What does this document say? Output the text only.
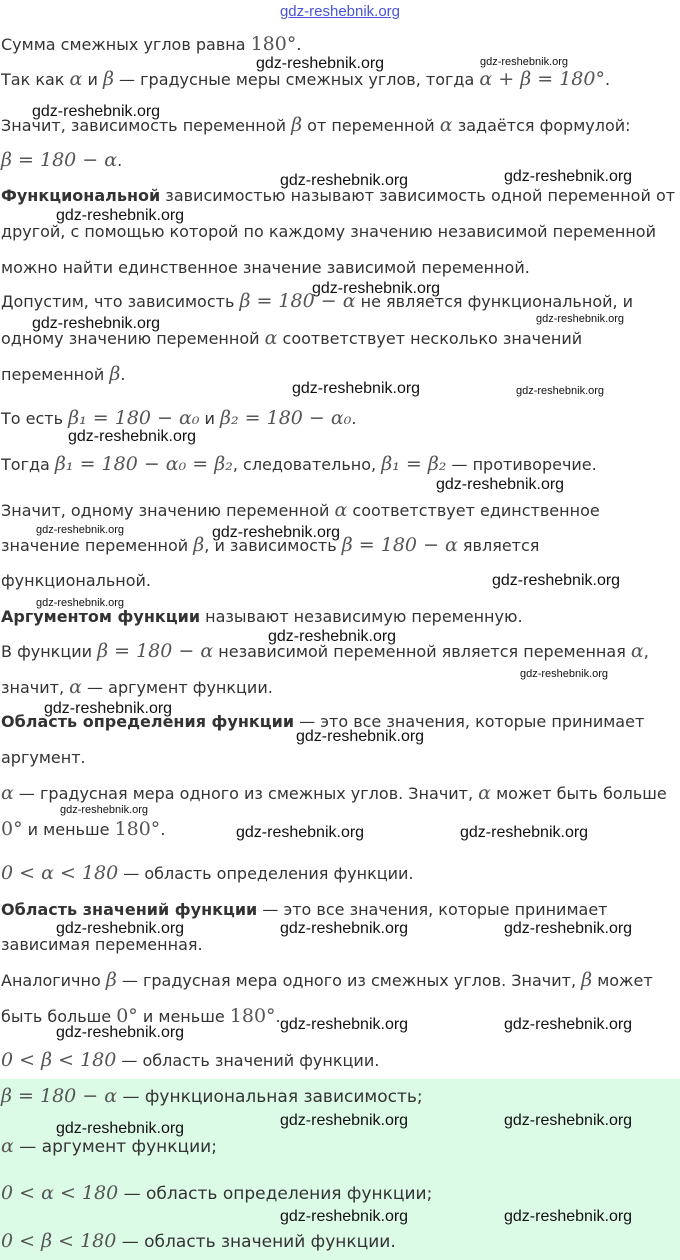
gdz-reshebnik.org
Сумма смежных углов равна 180°.
Так как α и β — градусные меры смежных углов, тогда α + β = 180°.
Значит, зависимость переменной β от переменной α задаётся формулой:
β = 180 − α.
Функциональной зависимостью называют зависимость одной переменной от
другой, с помощью которой по каждому значению независимой переменной
можно найти единственное значение зависимой переменной.
Допустим, что зависимость β = 180 − α не является функциональной, и
одному значению переменной α соответствует несколько значений
переменной β.
То есть β₁ = 180 − α₀ и β₂ = 180 − α₀.
Тогда β₁ = 180 − α₀ = β₂, следовательно, β₁ = β₂ — противоречие.
Значит, одному значению переменной α соответствует единственное
значение переменной β, и зависимость β = 180 − α является
функциональной.
Аргументом функции называют независимую переменную.
В функции β = 180 − α независимой переменной является переменная α,
значит, α — аргумент функции.
Область определения функции — это все значения, которые принимает
аргумент.
α — градусная мера одного из смежных углов. Значит, α может быть больше
0° и меньше 180°.
0 < α < 180 — область определения функции.
Область значений функции — это все значения, которые принимает
зависимая переменная.
Аналогично β — градусная мера одного из смежных углов. Значит, β может
быть больше 0° и меньше 180°.
0 < β < 180 — область значений функции.
β = 180 − α — функциональная зависимость;
α — аргумент функции;
0 < α < 180 — область определения функции;
0 < β < 180 — область значений функции.
gdz-reshebnik.org	gdz-reshebnik.org
gdz-reshebnik.org
gdz-reshebnik.org	gdz-reshebnik.org
gdz-reshebnik.org
gdz-reshebnik.org
gdz-reshebnik.org
gdz-reshebnik.org
gdz-reshebnik.org	gdz-reshebnik.org
gdz-reshebnik.org
gdz-reshebnik.org
gdz-reshebnik.org	gdz-reshebnik.org
gdz-reshebnik.org
gdz-reshebnik.org
gdz-reshebnik.org
gdz-reshebnik.org
gdz-reshebnik.org
gdz-reshebnik.org
gdz-reshebnik.org
gdz-reshebnik.org	gdz-reshebnik.org
gdz-reshebnik.org	gdz-reshebnik.org	gdz-reshebnik.org
gdz-reshebnik.org	gdz-reshebnik.org
gdz-reshebnik.org
gdz-reshebnik.org	gdz-reshebnik.org
gdz-reshebnik.org
gdz-reshebnik.org	gdz-reshebnik.org
